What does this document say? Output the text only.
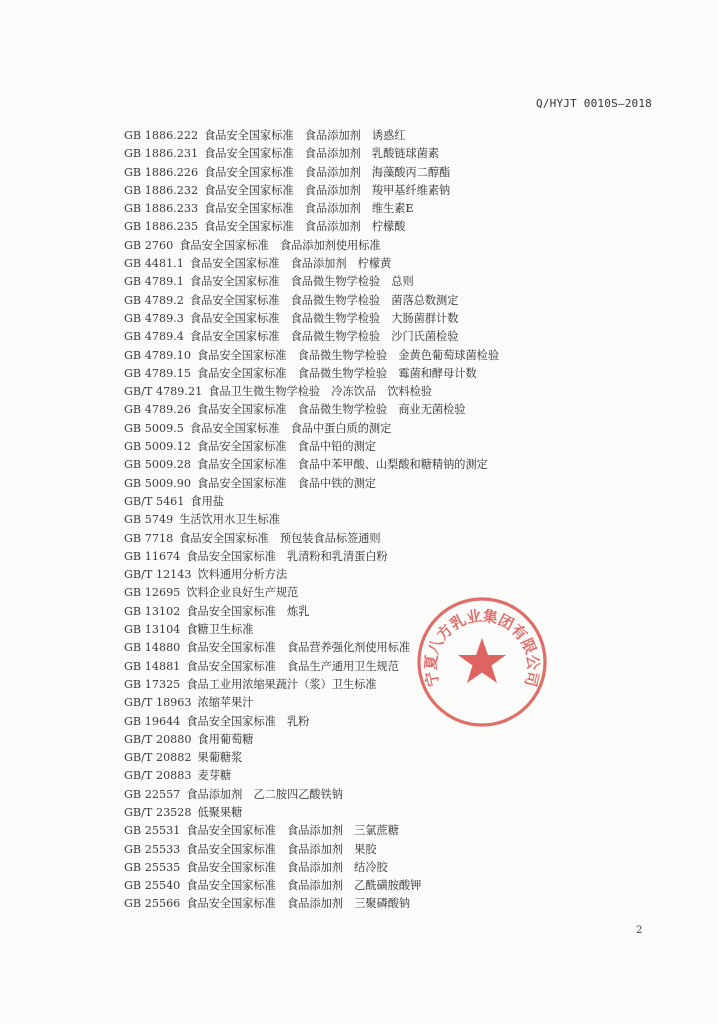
Q/HYJT 0010S—2018
GB 1886.222 食品安全国家标准　食品添加剂　诱惑红
GB 1886.231 食品安全国家标准　食品添加剂　乳酸链球菌素
GB 1886.226 食品安全国家标准　食品添加剂　海藻酸丙二醇酯
GB 1886.232 食品安全国家标准　食品添加剂　羧甲基纤维素钠
GB 1886.233 食品安全国家标准　食品添加剂　维生素E
GB 1886.235 食品安全国家标准　食品添加剂　柠檬酸
GB 2760 食品安全国家标准　食品添加剂使用标准
GB 4481.1 食品安全国家标准　食品添加剂　柠檬黄
GB 4789.1 食品安全国家标准　食品微生物学检验　总则
GB 4789.2 食品安全国家标准　食品微生物学检验　菌落总数测定
GB 4789.3 食品安全国家标准　食品微生物学检验　大肠菌群计数
GB 4789.4 食品安全国家标准　食品微生物学检验　沙门氏菌检验
GB 4789.10 食品安全国家标准　食品微生物学检验　金黄色葡萄球菌检验
GB 4789.15 食品安全国家标准　食品微生物学检验　霉菌和酵母计数
GB/T 4789.21 食品卫生微生物学检验　冷冻饮品　饮料检验
GB 4789.26 食品安全国家标准　食品微生物学检验　商业无菌检验
GB 5009.5 食品安全国家标准　食品中蛋白质的测定
GB 5009.12 食品安全国家标准　食品中铅的测定
GB 5009.28 食品安全国家标准　食品中苯甲酸、山梨酸和糖精钠的测定
GB 5009.90 食品安全国家标准　食品中铁的测定
GB/T 5461 食用盐
GB 5749 生活饮用水卫生标准
GB 7718 食品安全国家标准　预包装食品标签通则
GB 11674 食品安全国家标准　乳清粉和乳清蛋白粉
GB/T 12143 饮料通用分析方法
GB 12695 饮料企业良好生产规范
GB 13102 食品安全国家标准　炼乳
GB 13104 食糖卫生标准
GB 14880 食品安全国家标准　食品营养强化剂使用标准
GB 14881 食品安全国家标准　食品生产通用卫生规范
GB 17325 食品工业用浓缩果蔬汁（浆）卫生标准
GB/T 18963 浓缩苹果汁
GB 19644 食品安全国家标准　乳粉
GB/T 20880 食用葡萄糖
GB/T 20882 果葡糖浆
GB/T 20883 麦芽糖
GB 22557 食品添加剂　乙二胺四乙酸铁钠
GB/T 23528 低聚果糖
GB 25531 食品安全国家标准　食品添加剂　三氯蔗糖
GB 25533 食品安全国家标准　食品添加剂　果胶
GB 25535 食品安全国家标准　食品添加剂　结冷胶
GB 25540 食品安全国家标准　食品添加剂　乙酰磺胺酸钾
GB 25566 食品安全国家标准　食品添加剂　三聚磷酸钠
宁夏八方乳业集团有限公司
2
